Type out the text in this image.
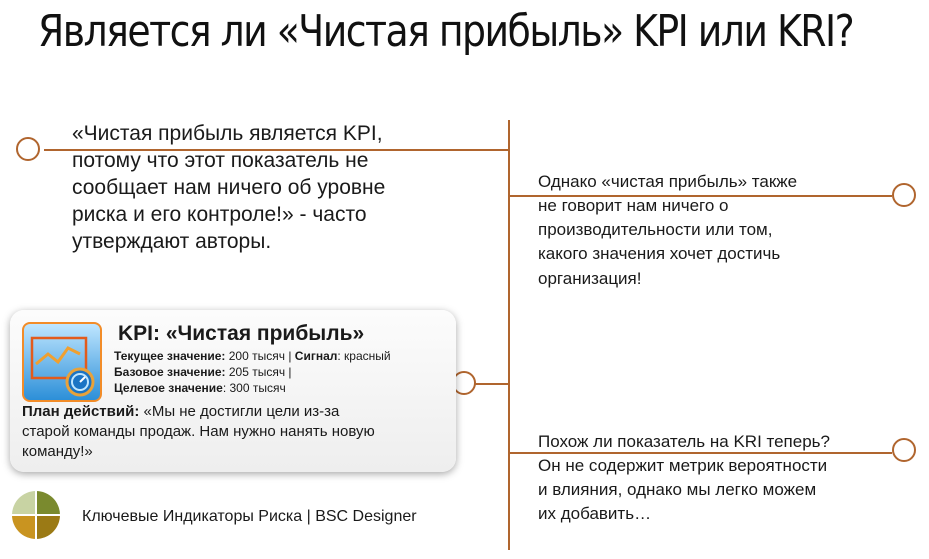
Является ли «Чистая прибыль» KPI или KRI?
«Чистая прибыль является KPI,
потому что этот показатель не
сообщает нам ничего об уровне
риска и его контроле!» - часто
утверждают авторы.
Однако «чистая прибыль» также
не говорит нам ничего о
производительности или том,
какого значения хочет достичь
организация!
Похож ли показатель на KRI теперь?
Он не содержит метрик вероятности
и влияния, однако мы легко можем
их добавить…
KPI: «Чистая прибыль»
Текущее значение: 200 тысяч | Сигнал: красный
Базовое значение: 205 тысяч |
Целевое значение: 300 тысяч
План действий: «Мы не достигли цели из-за
старой команды продаж. Нам нужно нанять новую
команду!»
Ключевые Индикаторы Риска | BSC Designer
